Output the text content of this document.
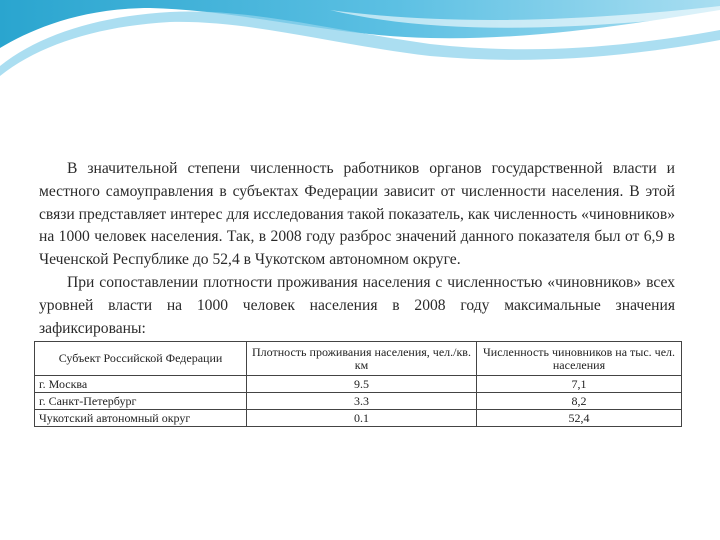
В значительной степени численность работников органов государственной власти и местного самоуправления в субъектах Федерации зависит от численности населения. В этой связи представляет интерес для исследования такой показатель, как численность «чиновников» на 1000 человек населения. Так, в 2008 году разброс значений данного показателя был от 6,9 в Чеченской Республике до 52,4 в Чукотском автономном округе.

При сопоставлении плотности проживания населения с численностью «чиновников» всех уровней власти на 1000 человек населения в 2008 году максимальные значения зафиксированы:

Субъект Российской Федерации	Плотность проживания населения, чел./кв. км	Численность чиновников на тыс. чел. населения
г. Москва	9.5	7,1
г. Санкт-Петербург	3.3	8,2
Чукотский автономный округ	0.1	52,4
